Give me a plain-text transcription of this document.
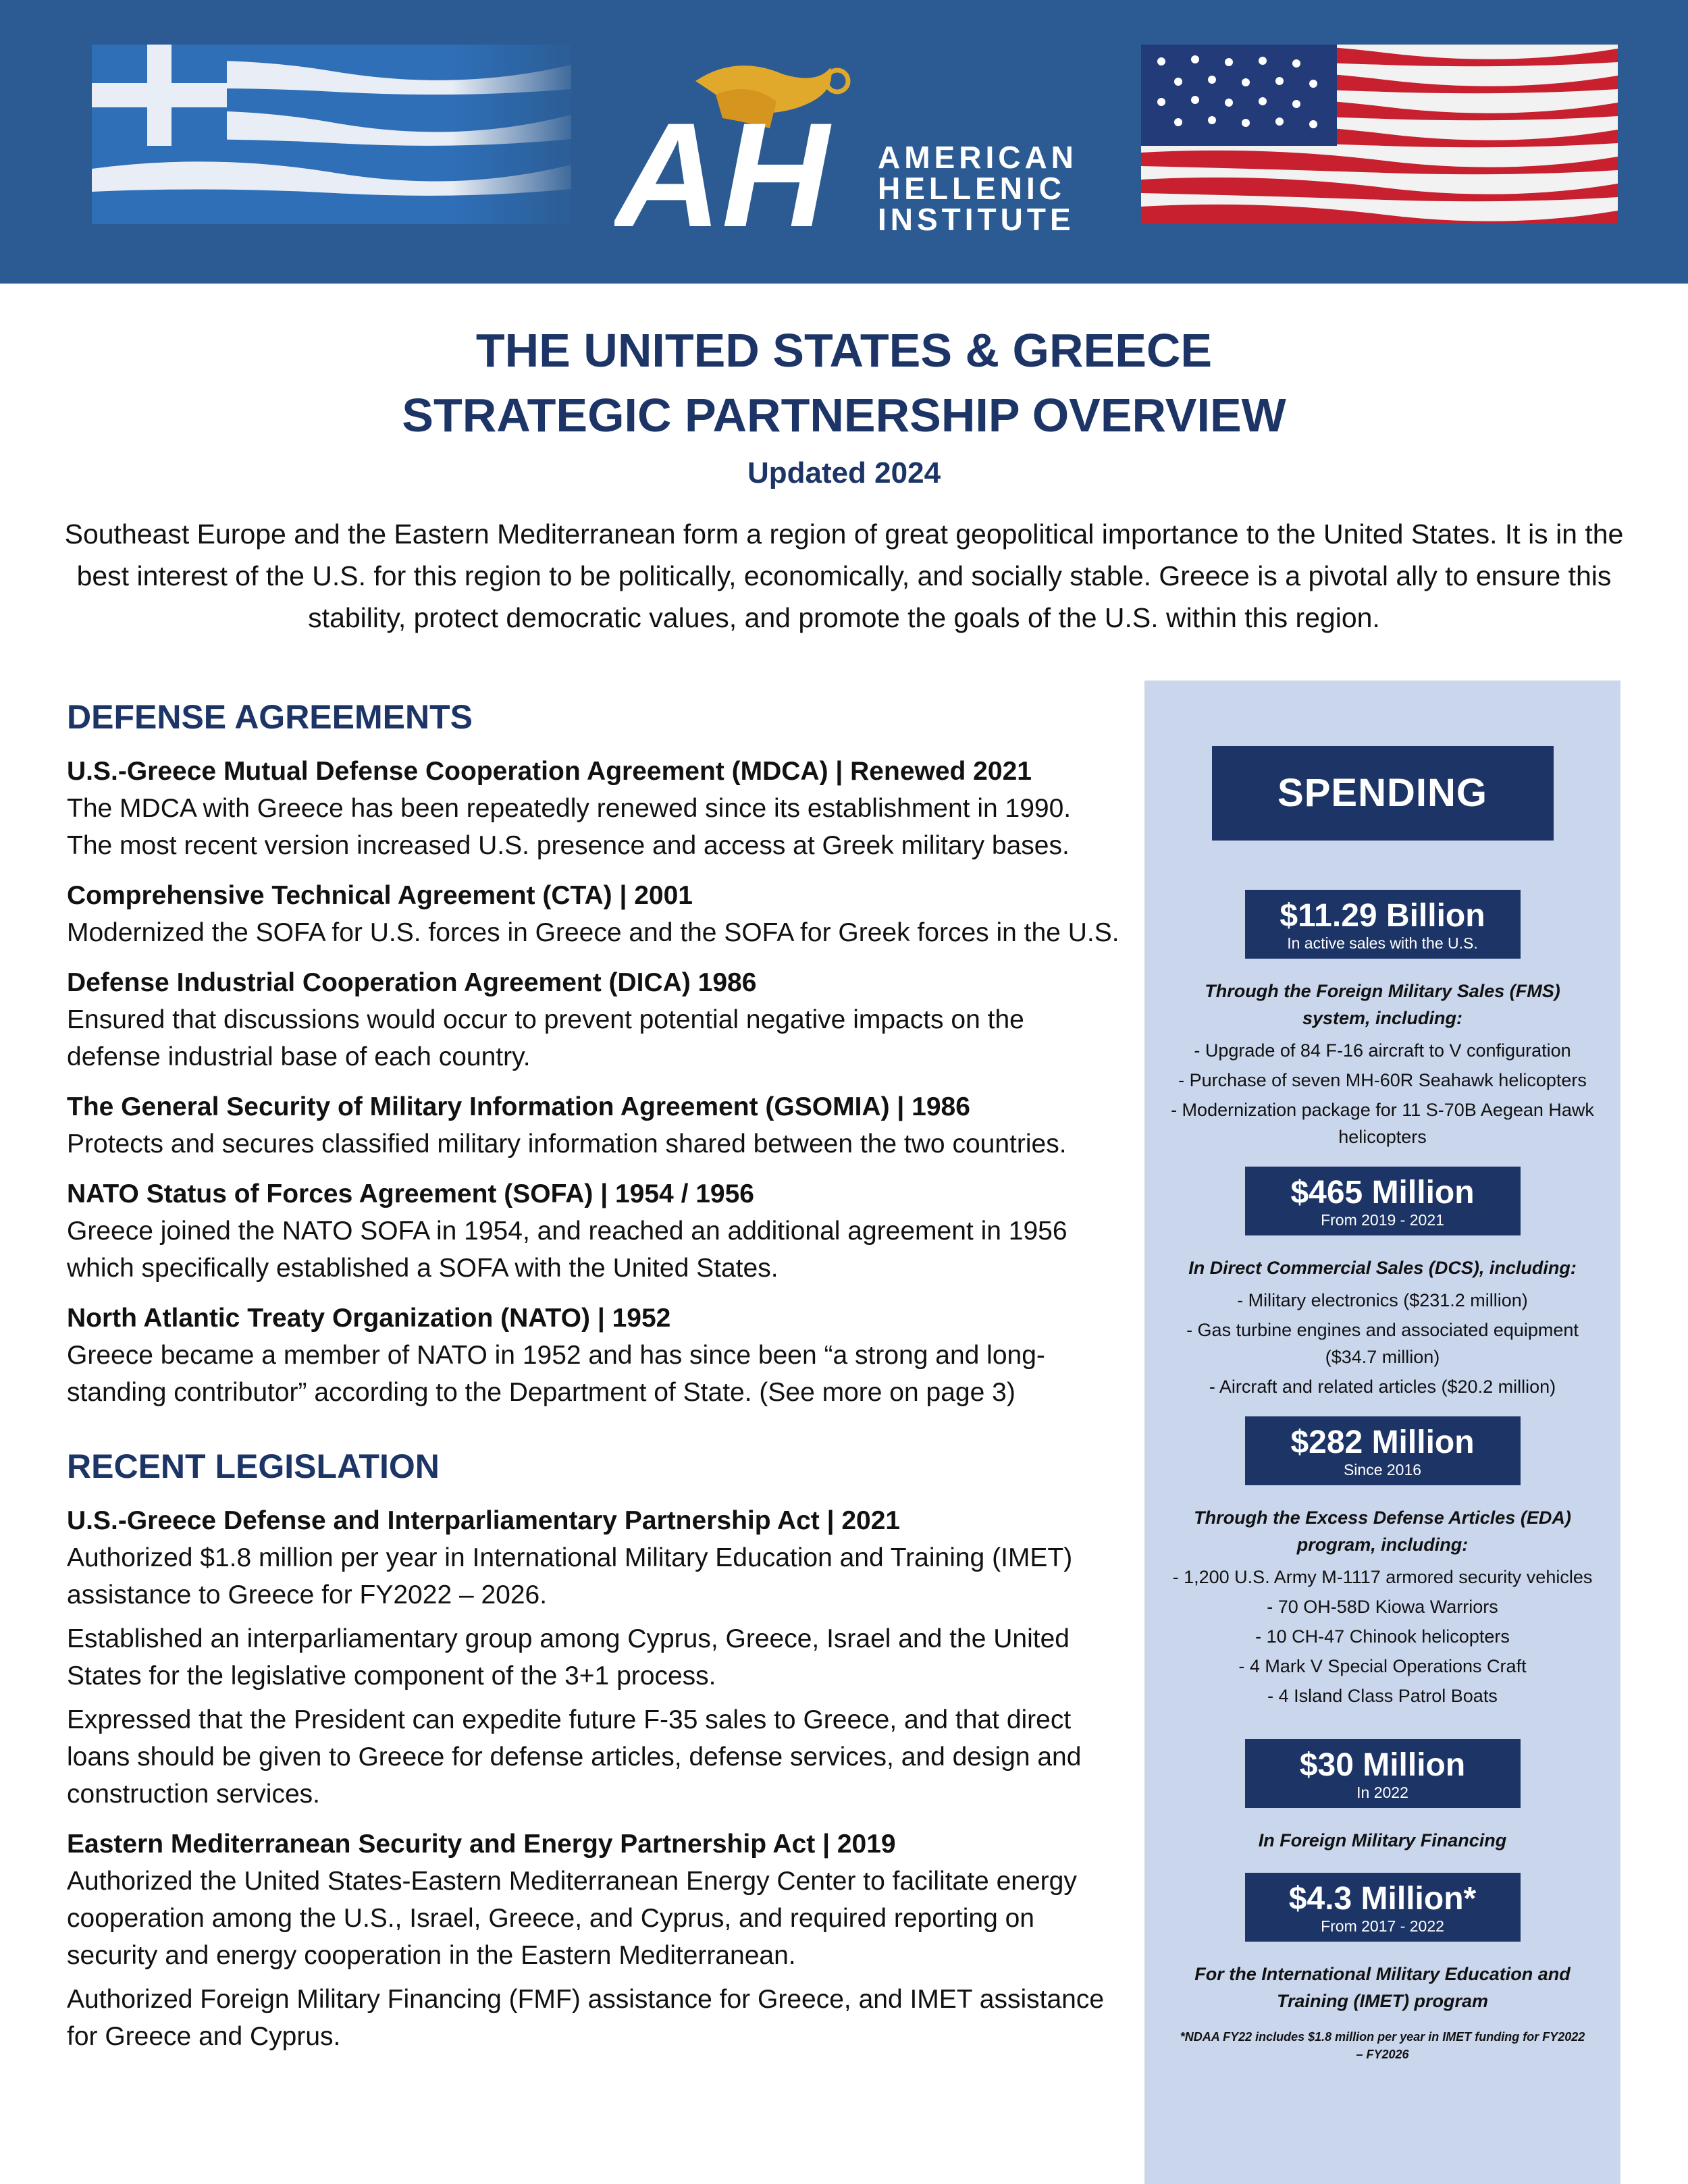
AH AMERICAN
HELLENIC
INSTITUTE
THE UNITED STATES & GREECE
STRATEGIC PARTNERSHIP OVERVIEW
Updated 2024
Southeast Europe and the Eastern Mediterranean form a region of great geopolitical importance to the United States. It is in the best interest of the U.S. for this region to be politically, economically, and socially stable. Greece is a pivotal ally to ensure this stability, protect democratic values, and promote the goals of the U.S. within this region.
DEFENSE AGREEMENTS
U.S.-Greece Mutual Defense Cooperation Agreement (MDCA) | Renewed 2021
The MDCA with Greece has been repeatedly renewed since its establishment in 1990. The most recent version increased U.S. presence and access at Greek military bases.
Comprehensive Technical Agreement (CTA) | 2001
Modernized the SOFA for U.S. forces in Greece and the SOFA for Greek forces in the U.S.
Defense Industrial Cooperation Agreement (DICA) 1986
Ensured that discussions would occur to prevent potential negative impacts on the defense industrial base of each country.
The General Security of Military Information Agreement (GSOMIA) | 1986
Protects and secures classified military information shared between the two countries.
NATO Status of Forces Agreement (SOFA) | 1954 / 1956
Greece joined the NATO SOFA in 1954, and reached an additional agreement in 1956 which specifically established a SOFA with the United States.
North Atlantic Treaty Organization (NATO) | 1952
Greece became a member of NATO in 1952 and has since been “a strong and long-standing contributor” according to the Department of State. (See more on page 3)
RECENT LEGISLATION
U.S.-Greece Defense and Interparliamentary Partnership Act | 2021
Authorized $1.8 million per year in International Military Education and Training (IMET) assistance to Greece for FY2022 – 2026.
Established an interparliamentary group among Cyprus, Greece, Israel and the United States for the legislative component of the 3+1 process.
Expressed that the President can expedite future F-35 sales to Greece, and that direct loans should be given to Greece for defense articles, defense services, and design and construction services.
Eastern Mediterranean Security and Energy Partnership Act | 2019
Authorized the United States-Eastern Mediterranean Energy Center to facilitate energy cooperation among the U.S., Israel, Greece, and Cyprus, and required reporting on security and energy cooperation in the Eastern Mediterranean.
Authorized Foreign Military Financing (FMF) assistance for Greece, and IMET assistance for Greece and Cyprus.
SPENDING
$11.29 Billion
In active sales with the U.S.
Through the Foreign Military Sales (FMS) system, including:
- Upgrade of 84 F-16 aircraft to V configuration
- Purchase of seven MH-60R Seahawk helicopters
- Modernization package for 11 S-70B Aegean Hawk helicopters
$465 Million
From 2019 - 2021
In Direct Commercial Sales (DCS), including:
- Military electronics ($231.2 million)
- Gas turbine engines and associated equipment ($34.7 million)
- Aircraft and related articles ($20.2 million)
$282 Million
Since 2016
Through the Excess Defense Articles (EDA) program, including:
- 1,200 U.S. Army M-1117 armored security vehicles
- 70 OH-58D Kiowa Warriors
- 10 CH-47 Chinook helicopters
- 4 Mark V Special Operations Craft
- 4 Island Class Patrol Boats
$30 Million
In 2022
In Foreign Military Financing
$4.3 Million*
From 2017 - 2022
For the International Military Education and Training (IMET) program
*NDAA FY22 includes $1.8 million per year in IMET funding for FY2022 – FY2026
